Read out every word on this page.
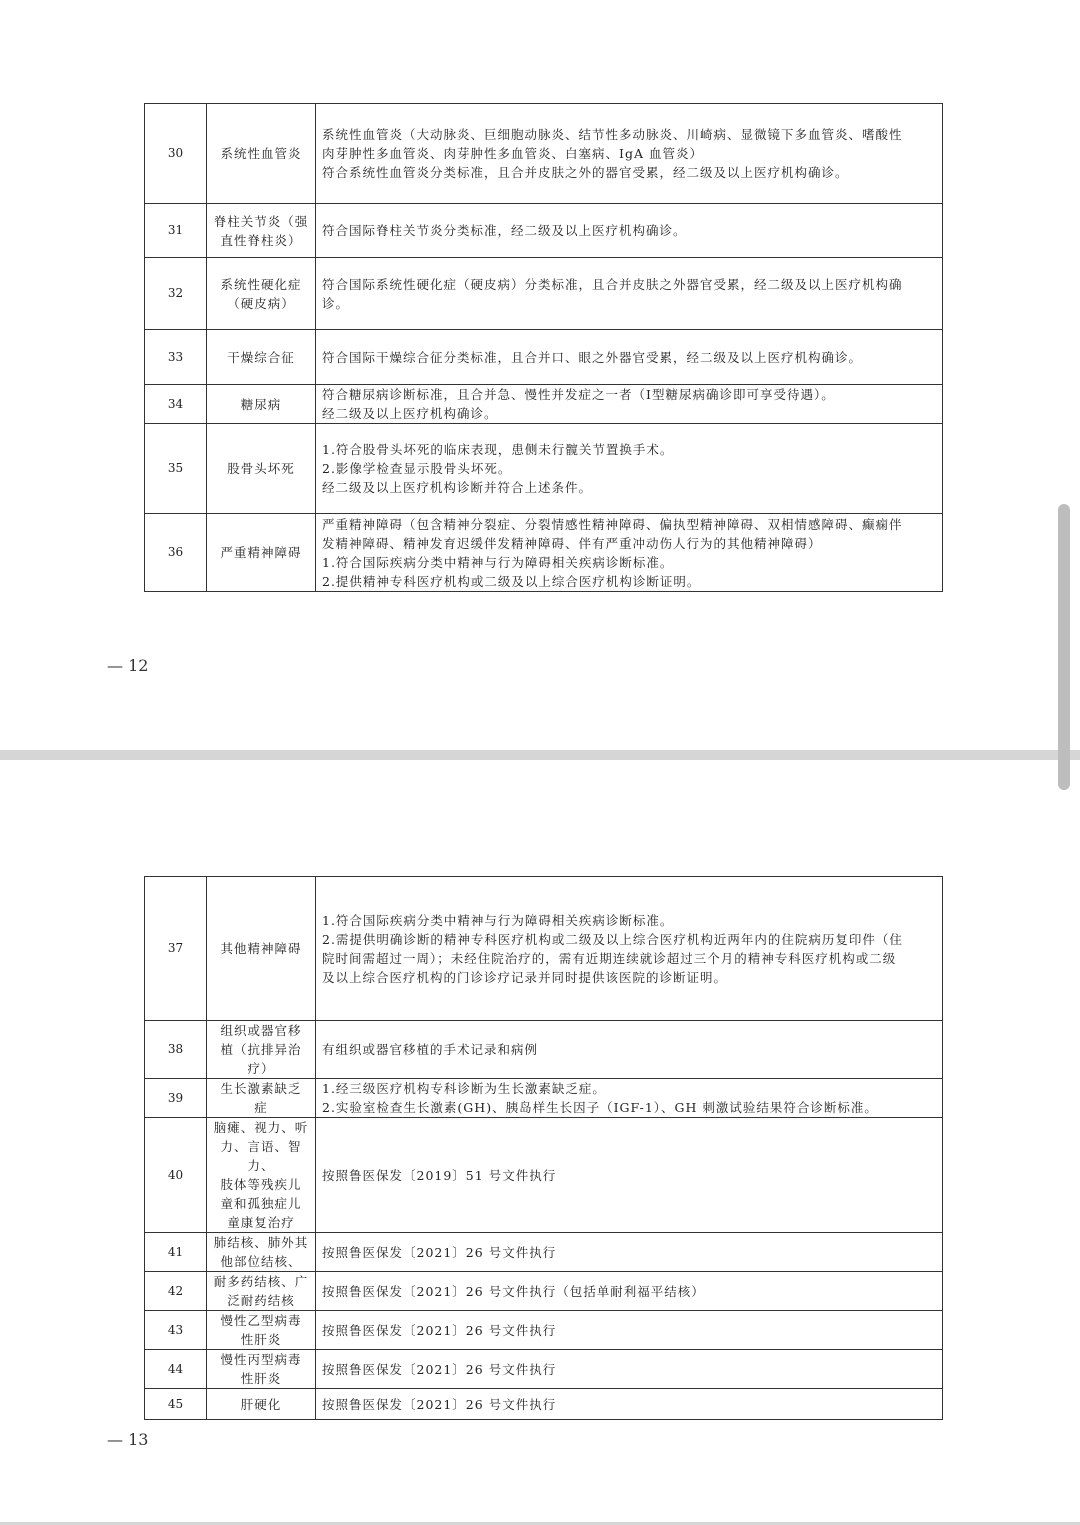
30	系统性血管炎	系统性血管炎（大动脉炎、巨细胞动脉炎、结节性多动脉炎、川崎病、显微镜下多血管炎、嗜酸性
肉芽肿性多血管炎、肉芽肿性多血管炎、白塞病、IgA 血管炎）
符合系统性血管炎分类标准，且合并皮肤之外的器官受累，经二级及以上医疗机构确诊。

31	脊柱关节炎（强
直性脊柱炎）	符合国际脊柱关节炎分类标准，经二级及以上医疗机构确诊。

32	系统性硬化症
（硬皮病）	符合国际系统性硬化症（硬皮病）分类标准，且合并皮肤之外器官受累，经二级及以上医疗机构确
诊。

33	干燥综合征	符合国际干燥综合征分类标准，且合并口、眼之外器官受累，经二级及以上医疗机构确诊。

34	糖尿病	符合糖尿病诊断标准，且合并急、慢性并发症之一者（Ⅰ型糖尿病确诊即可享受待遇）。
经二级及以上医疗机构确诊。

35	股骨头坏死	1.符合股骨头坏死的临床表现，患侧未行髋关节置换手术。
2.影像学检查显示股骨头坏死。
经二级及以上医疗机构诊断并符合上述条件。

36	严重精神障碍	严重精神障碍（包含精神分裂症、分裂情感性精神障碍、偏执型精神障碍、双相情感障碍、癫痫伴
发精神障碍、精神发育迟缓伴发精神障碍、伴有严重冲动伤人行为的其他精神障碍）
1.符合国际疾病分类中精神与行为障碍相关疾病诊断标准。
2.提供精神专科医疗机构或二级及以上综合医疗机构诊断证明。
— 12
37	其他精神障碍	1.符合国际疾病分类中精神与行为障碍相关疾病诊断标准。
2.需提供明确诊断的精神专科医疗机构或二级及以上综合医疗机构近两年内的住院病历复印件（住
院时间需超过一周）；未经住院治疗的，需有近期连续就诊超过三个月的精神专科医疗机构或二级
及以上综合医疗机构的门诊诊疗记录并同时提供该医院的诊断证明。

38	组织或器官移
植（抗排异治
疗）	有组织或器官移植的手术记录和病例

39	生长激素缺乏
症	1.经三级医疗机构专科诊断为生长激素缺乏症。
2.实验室检查生长激素(GH)、胰岛样生长因子（IGF-1）、GH 刺激试验结果符合诊断标准。

40	脑瘫、视力、听
力、言语、智力、
肢体等残疾儿
童和孤独症儿
童康复治疗	按照鲁医保发〔2019〕51 号文件执行

41	肺结核、肺外其
他部位结核、	按照鲁医保发〔2021〕26 号文件执行

42	耐多药结核、广
泛耐药结核	按照鲁医保发〔2021〕26 号文件执行（包括单耐利福平结核）

43	慢性乙型病毒
性肝炎	按照鲁医保发〔2021〕26 号文件执行

44	慢性丙型病毒
性肝炎	按照鲁医保发〔2021〕26 号文件执行

45	肝硬化	按照鲁医保发〔2021〕26 号文件执行
— 13
